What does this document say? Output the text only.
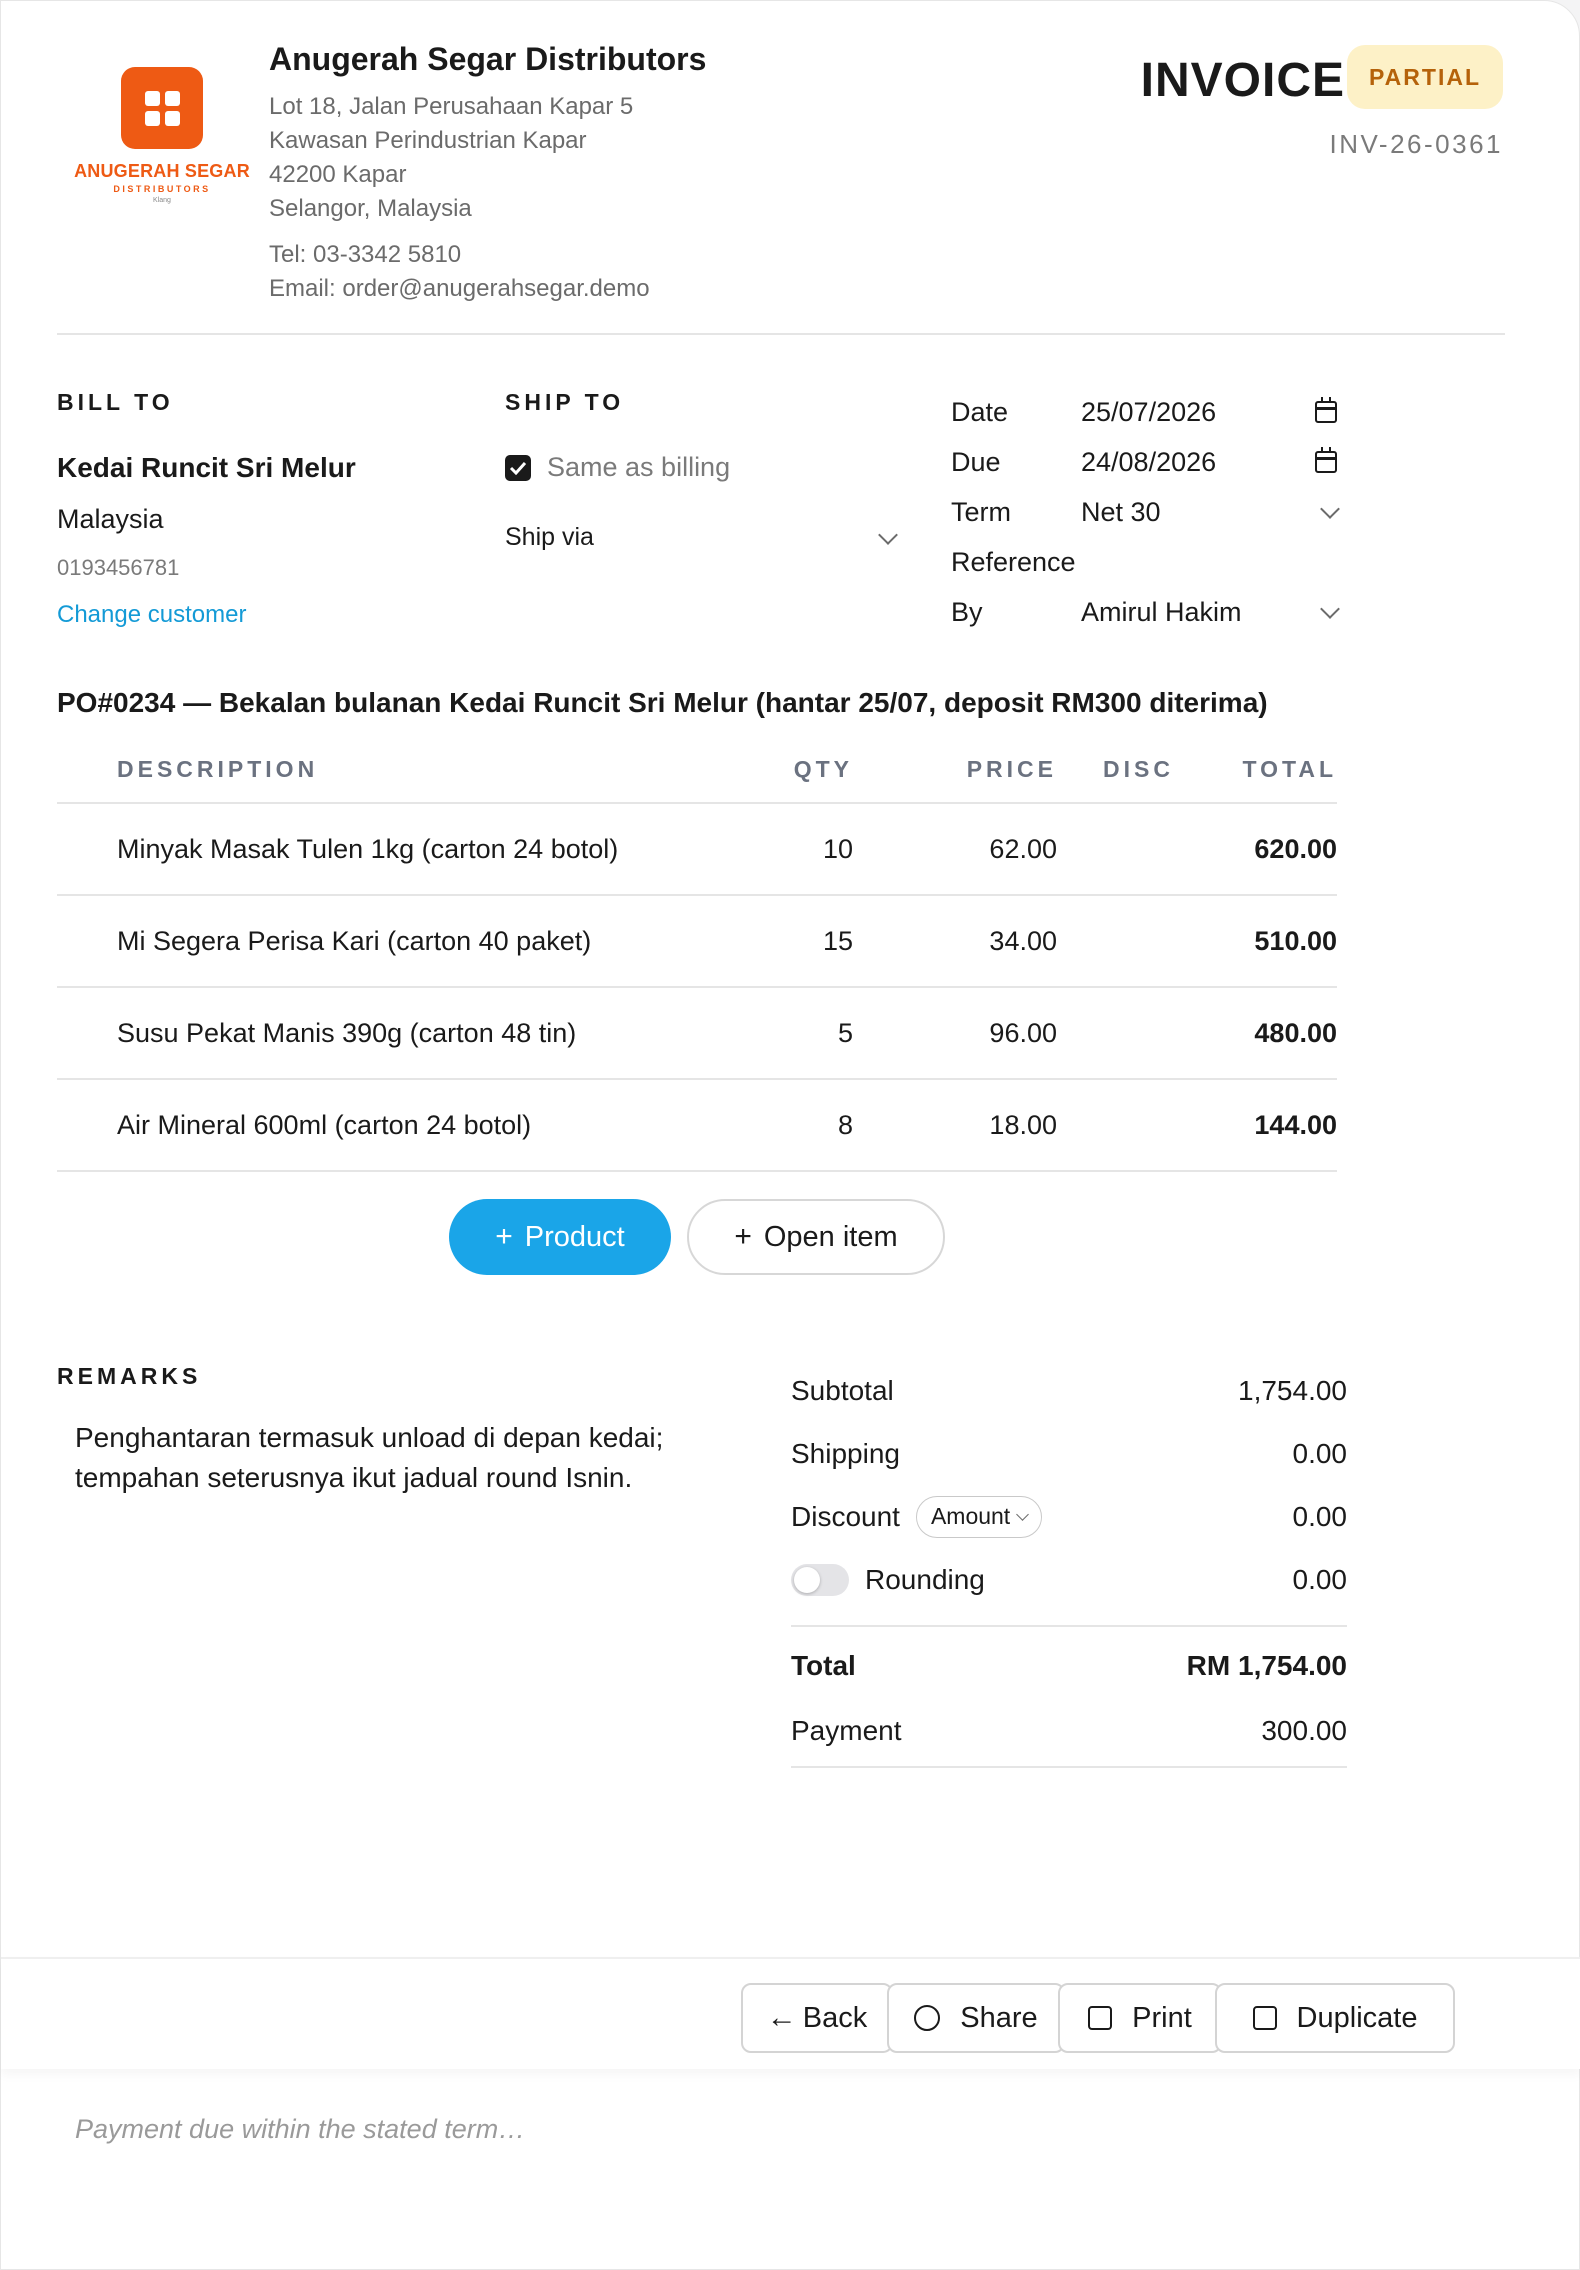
ANUGERAH SEGAR
DISTRIBUTORS
Klang
Anugerah Segar Distributors
Lot 18, Jalan Perusahaan Kapar 5
Kawasan Perindustrian Kapar
42200 Kapar
Selangor, Malaysia
Tel: 03-3342 5810
Email: order@anugerahsegar.demo
INVOICE	PARTIAL
INV-26-0361
BILL TO
Kedai Runcit Sri Melur
Malaysia
0193456781
Change customer
SHIP TO
Same as billing
Ship via
Date	25/07/2026
Due	24/08/2026
Term	Net 30
Reference
By	Amirul Hakim
PO#0234 — Bekalan bulanan Kedai Runcit Sri Melur (hantar 25/07, deposit RM300 diterima)
DESCRIPTION	QTY	PRICE	DISC	TOTAL
Minyak Masak Tulen 1kg (carton 24 botol)	10	62.00		620.00
Mi Segera Perisa Kari (carton 40 paket)	15	34.00		510.00
Susu Pekat Manis 390g (carton 48 tin)	5	96.00		480.00
Air Mineral 600ml (carton 24 botol)	8	18.00		144.00
+ Product	+ Open item
REMARKS
Penghantaran termasuk unload di depan kedai; tempahan seterusnya ikut jadual round Isnin.
Subtotal	1,754.00
Shipping	0.00
Discount Amount	0.00
Rounding	0.00
Total	RM 1,754.00
Payment	300.00
← Back	Share	Print	Duplicate
Payment due within the stated term…
